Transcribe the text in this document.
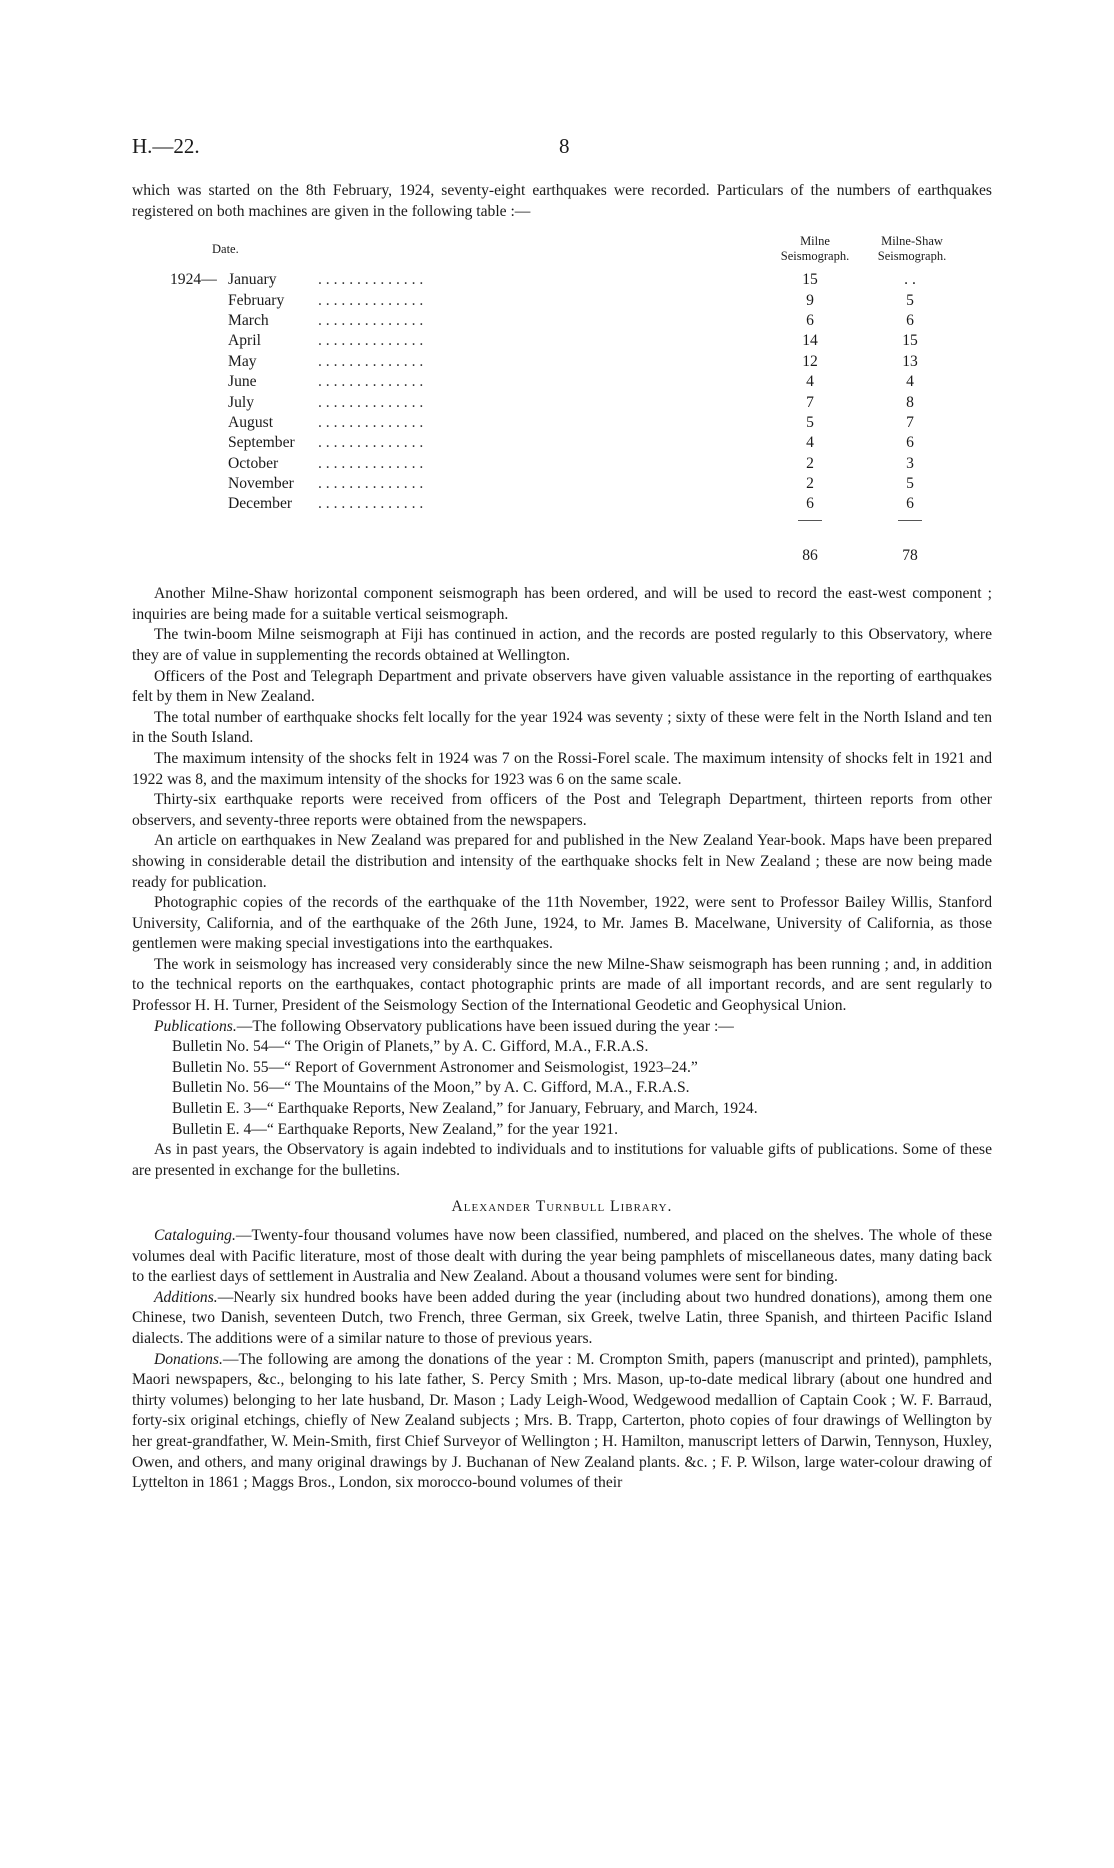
H.—22.	8

which was started on the 8th February, 1924, seventy-eight earthquakes were recorded. Particulars of the numbers of earthquakes registered on both machines are given in the following table :—

Date.
Milne
Seismograph.
Milne-Shaw
Seismograph.
1924— January	. . . . . . . . . . . . . .	15	. .
February . . . . . . . . . . . . . .	9	5
March	. . . . . . . . . . . . . .	6	6
April	. . . . . . . . . . . . . .	14	15
May	. . . . . . . . . . . . . .	12	13
June	. . . . . . . . . . . . . .	4	4
July	. . . . . . . . . . . . . .	7	8
August	. . . . . . . . . . . . . .	5	7
September . . . . . . . . . . . . . .	4	6
October	. . . . . . . . . . . . . .	2	3
November . . . . . . . . . . . . . .	2	5
December . . . . . . . . . . . . . .	6	6
86	78

Another Milne-Shaw horizontal component seismograph has been ordered, and will be used to record the east-west component ; inquiries are being made for a suitable vertical seismograph.

The twin-boom Milne seismograph at Fiji has continued in action, and the records are posted regularly to this Observatory, where they are of value in supplementing the records obtained at Wellington.

Officers of the Post and Telegraph Department and private observers have given valuable assistance in the reporting of earthquakes felt by them in New Zealand.

The total number of earthquake shocks felt locally for the year 1924 was seventy ; sixty of these were felt in the North Island and ten in the South Island.

The maximum intensity of the shocks felt in 1924 was 7 on the Rossi-Forel scale. The maximum intensity of shocks felt in 1921 and 1922 was 8, and the maximum intensity of the shocks for 1923 was 6 on the same scale.

Thirty-six earthquake reports were received from officers of the Post and Telegraph Department, thirteen reports from other observers, and seventy-three reports were obtained from the newspapers.

An article on earthquakes in New Zealand was prepared for and published in the New Zealand Year-book. Maps have been prepared showing in considerable detail the distribution and intensity of the earthquake shocks felt in New Zealand ; these are now being made ready for publication.

Photographic copies of the records of the earthquake of the 11th November, 1922, were sent to Professor Bailey Willis, Stanford University, California, and of the earthquake of the 26th June, 1924, to Mr. James B. Macelwane, University of California, as those gentlemen were making special investigations into the earthquakes.

The work in seismology has increased very considerably since the new Milne-Shaw seismograph has been running ; and, in addition to the technical reports on the earthquakes, contact photographic prints are made of all important records, and are sent regularly to Professor H. H. Turner, President of the Seismology Section of the International Geodetic and Geophysical Union.

Publications.—The following Observatory publications have been issued during the year :—

Bulletin No. 54—“ The Origin of Planets,” by A. C. Gifford, M.A., F.R.A.S.

Bulletin No. 55—“ Report of Government Astronomer and Seismologist, 1923–24.”

Bulletin No. 56—“ The Mountains of the Moon,” by A. C. Gifford, M.A., F.R.A.S.

Bulletin E. 3—“ Earthquake Reports, New Zealand,” for January, February, and March, 1924.

Bulletin E. 4—“ Earthquake Reports, New Zealand,” for the year 1921.

As in past years, the Observatory is again indebted to individuals and to institutions for valuable gifts of publications. Some of these are presented in exchange for the bulletins.

Alexander Turnbull Library.

Cataloguing.—Twenty-four thousand volumes have now been classified, numbered, and placed on the shelves. The whole of these volumes deal with Pacific literature, most of those dealt with during the year being pamphlets of miscellaneous dates, many dating back to the earliest days of settlement in Australia and New Zealand. About a thousand volumes were sent for binding.

Additions.—Nearly six hundred books have been added during the year (including about two hundred donations), among them one Chinese, two Danish, seventeen Dutch, two French, three German, six Greek, twelve Latin, three Spanish, and thirteen Pacific Island dialects. The additions were of a similar nature to those of previous years.

Donations.—The following are among the donations of the year : M. Crompton Smith, papers (manuscript and printed), pamphlets, Maori newspapers, &c., belonging to his late father, S. Percy Smith ; Mrs. Mason, up-to-date medical library (about one hundred and thirty volumes) belonging to her late husband, Dr. Mason ; Lady Leigh-Wood, Wedgewood medallion of Captain Cook ; W. F. Barraud, forty-six original etchings, chiefly of New Zealand subjects ; Mrs. B. Trapp, Carterton, photo copies of four drawings of Wellington by her great-grandfather, W. Mein-Smith, first Chief Surveyor of Wellington ; H. Hamilton, manuscript letters of Darwin, Tennyson, Huxley, Owen, and others, and many original drawings by J. Buchanan of New Zealand plants. &c. ; F. P. Wilson, large water-colour drawing of Lyttelton in 1861 ; Maggs Bros., London, six morocco-bound volumes of their
